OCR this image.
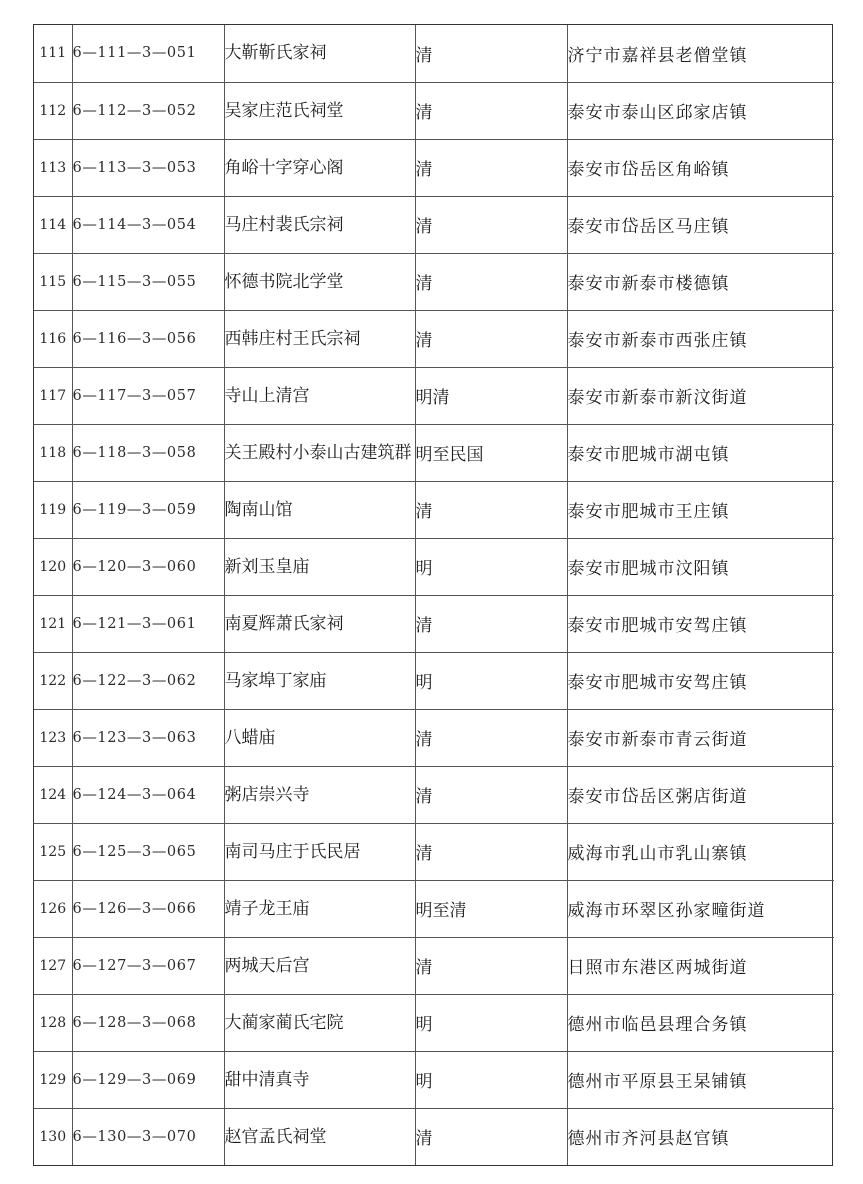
111	6—111—3—051	大靳靳氏家祠	清	济宁市嘉祥县老僧堂镇
112	6—112—3—052	吴家庄范氏祠堂	清	泰安市泰山区邱家店镇
113	6—113—3—053	角峪十字穿心阁	清	泰安市岱岳区角峪镇
114	6—114—3—054	马庄村裴氏宗祠	清	泰安市岱岳区马庄镇
115	6—115—3—055	怀德书院北学堂	清	泰安市新泰市楼德镇
116	6—116—3—056	西韩庄村王氏宗祠	清	泰安市新泰市西张庄镇
117	6—117—3—057	寺山上清宫	明清	泰安市新泰市新汶街道
118	6—118—3—058	关王殿村小泰山古建筑群	明至民国	泰安市肥城市湖屯镇
119	6—119—3—059	陶南山馆	清	泰安市肥城市王庄镇
120	6—120—3—060	新刘玉皇庙	明	泰安市肥城市汶阳镇
121	6—121—3—061	南夏辉萧氏家祠	清	泰安市肥城市安驾庄镇
122	6—122—3—062	马家埠丁家庙	明	泰安市肥城市安驾庄镇
123	6—123—3—063	八蜡庙	清	泰安市新泰市青云街道
124	6—124—3—064	粥店崇兴寺	清	泰安市岱岳区粥店街道
125	6—125—3—065	南司马庄于氏民居	清	威海市乳山市乳山寨镇
126	6—126—3—066	靖子龙王庙	明至清	威海市环翠区孙家疃街道
127	6—127—3—067	两城天后宫	清	日照市东港区两城街道
128	6—128—3—068	大蔺家蔺氏宅院	明	德州市临邑县理合务镇
129	6—129—3—069	甜中清真寺	明	德州市平原县王杲铺镇
130	6—130—3—070	赵官孟氏祠堂	清	德州市齐河县赵官镇
